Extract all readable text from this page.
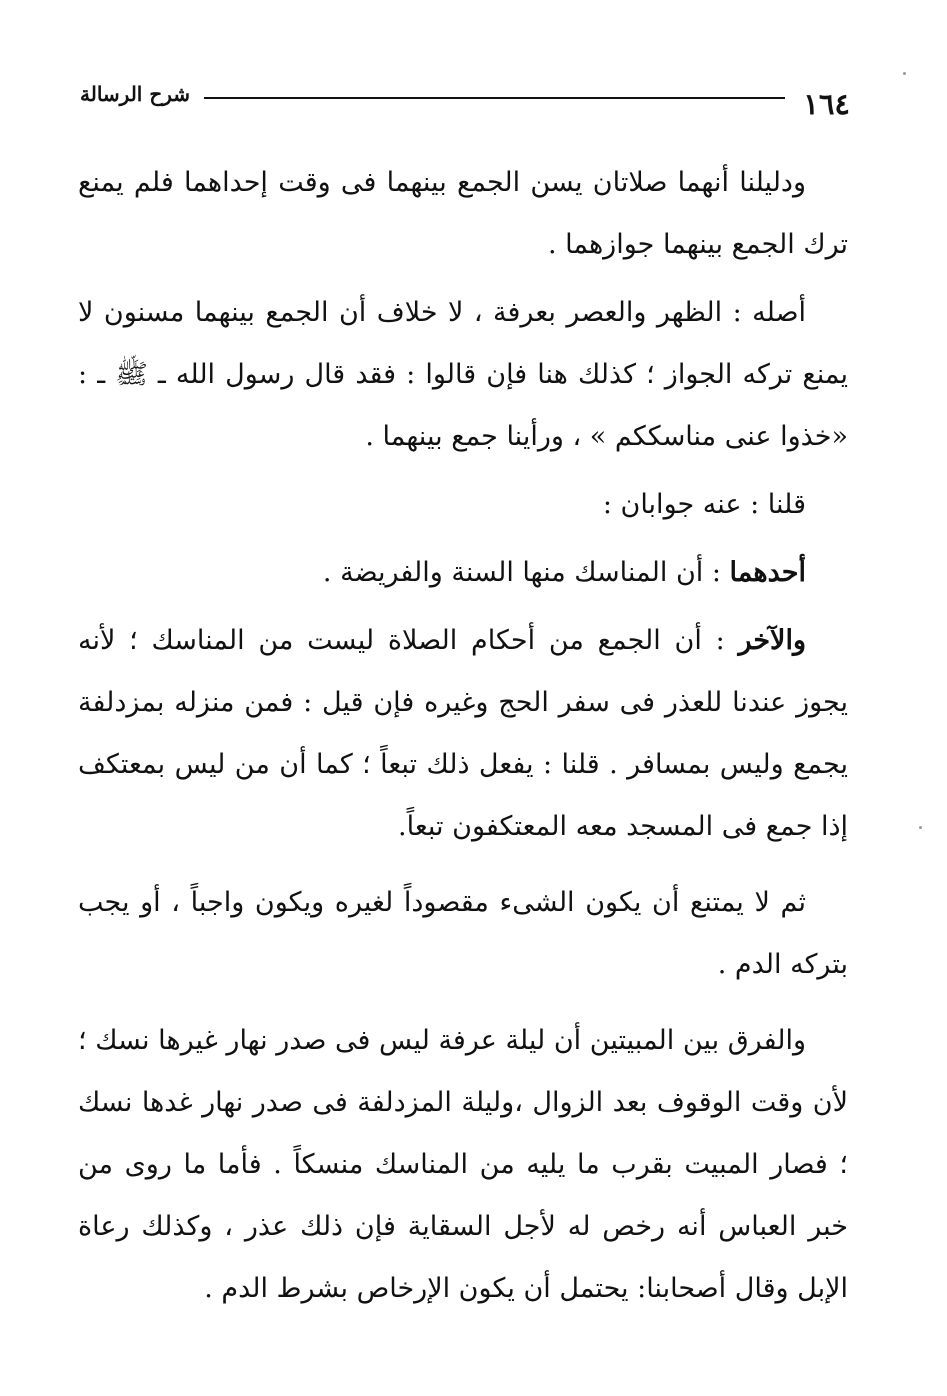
١٦٤
شرح الرسالة

ودليلنا أنهما صلاتان يسن الجمع بينهما فى وقت إحداهما فلم يمنع ترك الجمع بينهما جوازهما .

أصله : الظهر والعصر بعرفة ، لا خلاف أن الجمع بينهما مسنون لا يمنع تركه الجواز ؛ كذلك هنا فإن قالوا : فقد قال رسول الله ـ ﷺ ـ : «خذوا عنى مناسككم » ، ورأينا جمع بينهما .

قلنا : عنه جوابان :

أحدهما : أن المناسك منها السنة والفريضة .

والآخر : أن الجمع من أحكام الصلاة ليست من المناسك ؛ لأنه يجوز عندنا للعذر فى سفر الحج وغيره فإن قيل : فمن منزله بمزدلفة يجمع وليس بمسافر . قلنا : يفعل ذلك تبعاً ؛ كما أن من ليس بمعتكف إذا جمع فى المسجد معه المعتكفون تبعاً.

ثم لا يمتنع أن يكون الشىء مقصوداً لغيره ويكون واجباً ، أو يجب بتركه الدم .

والفرق بين المبيتين أن ليلة عرفة ليس فى صدر نهار غيرها نسك ؛ لأن وقت الوقوف بعد الزوال ،وليلة المزدلفة فى صدر نهار غدها نسك ؛ فصار المبيت بقرب ما يليه من المناسك منسكاً . فأما ما روى من خبر العباس أنه رخص له لأجل السقاية فإن ذلك عذر ، وكذلك رعاة الإبل وقال أصحابنا: يحتمل أن يكون الإرخاص بشرط الدم .
